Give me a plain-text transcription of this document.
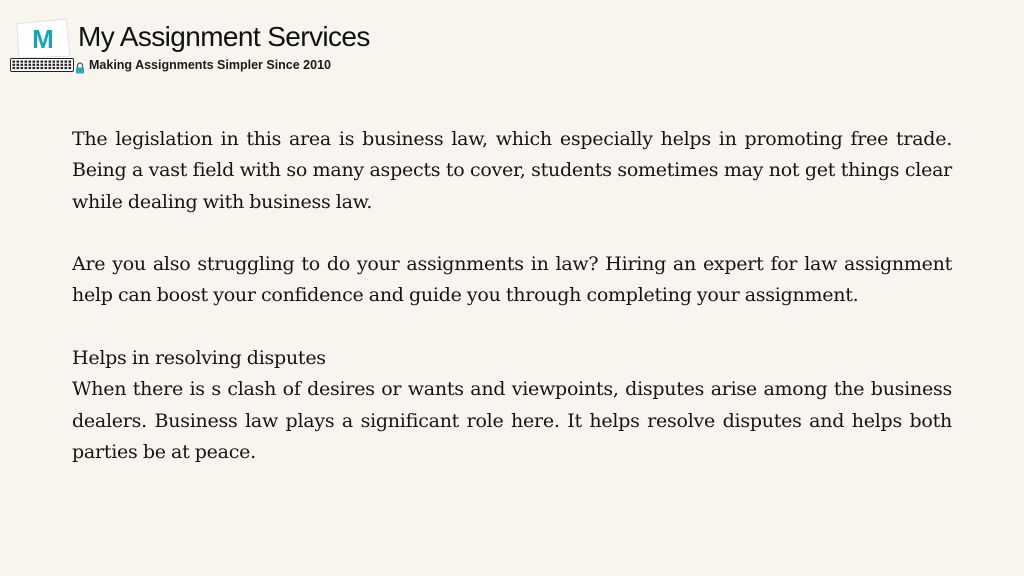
M My Assignment Services
Making Assignments Simpler Since 2010

The legislation in this area is business law, which especially helps in promoting free trade. Being a vast field with so many aspects to cover, students sometimes may not get things clear while dealing with business law.

Are you also struggling to do your assignments in law? Hiring an expert for law assignment help can boost your confidence and guide you through completing your assignment.

Helps in resolving disputes

When there is s clash of desires or wants and viewpoints, disputes arise among the business dealers. Business law plays a significant role here. It helps resolve disputes and helps both parties be at peace.
